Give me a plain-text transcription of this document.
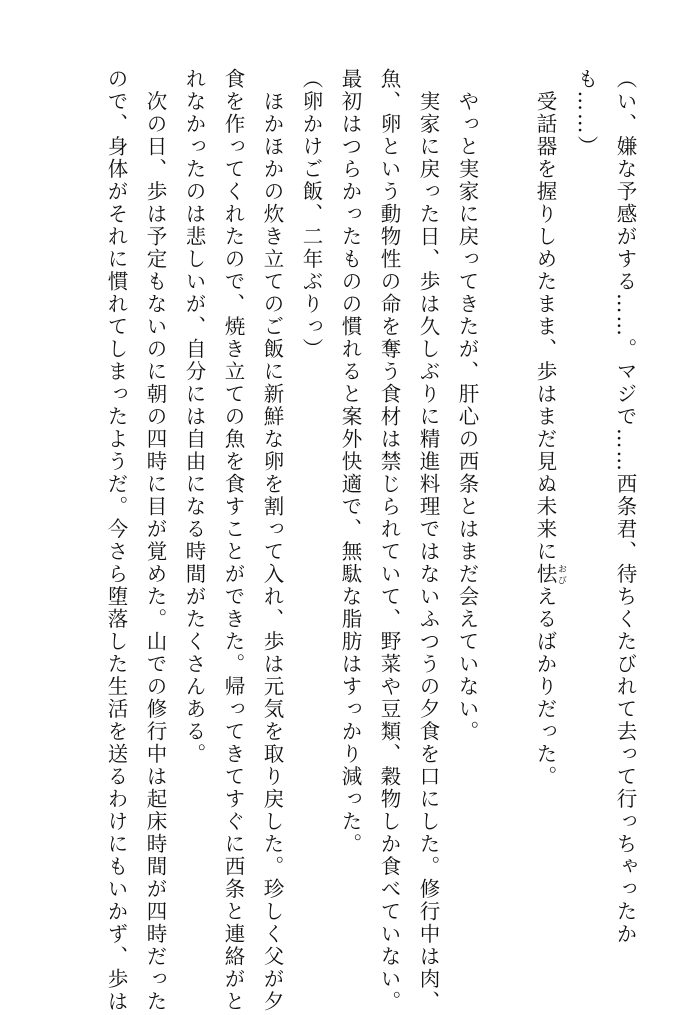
（い、嫌な予感がする……。マジで……西条君、待ちくたびれて去って行っちゃったか
も……）
　受話器を握りしめたまま、歩はまだ見ぬ未来に怯 おびえるばかりだった。
　やっと実家に戻ってきたが、肝心の西条とはまだ会えていない。
　実家に戻った日、歩は久しぶりに精進料理ではないふつうの夕食を口にした。修行中は肉、
魚、卵という動物性の命を奪う食材は禁じられていて、野菜や豆類、穀物しか食べていない。
最初はつらかったものの慣れると案外快適で、無駄な脂肪はすっかり減った。
（卵かけご飯、二年ぶりっ）
　ほかほかの炊き立てのご飯に新鮮な卵を割って入れ、歩は元気を取り戻した。珍しく父が夕
食を作ってくれたので、焼き立ての魚を食すことができた。帰ってきてすぐに西条と連絡がと
れなかったのは悲しいが、自分には自由になる時間がたくさんある。
　次の日、歩は予定もないのに朝の四時に目が覚めた。山での修行中は起床時間が四時だった
ので、身体がそれに慣れてしまったようだ。今さら堕落した生活を送るわけにもいかず、歩は
